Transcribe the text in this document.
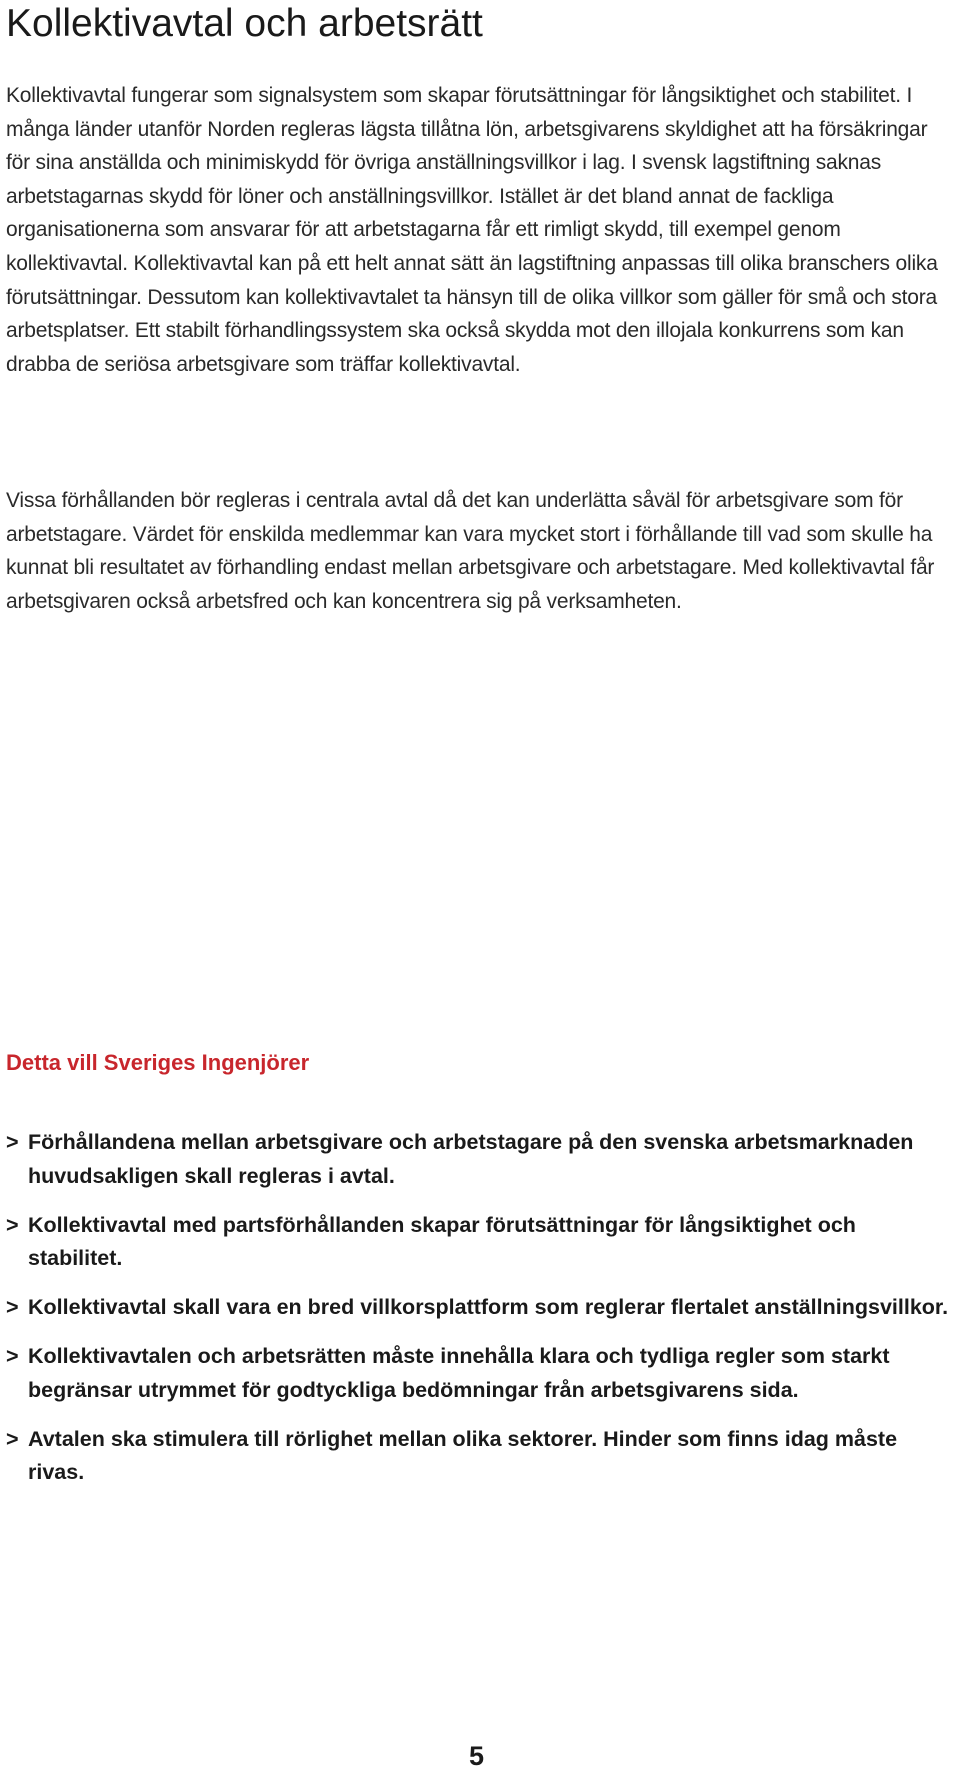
Kollektivavtal och arbetsrätt

Kollektivavtal fungerar som signalsystem som skapar förutsättningar för långsiktighet och stabilitet. I många länder utanför Norden regleras lägsta tillåtna lön, arbetsgivarens skyldighet att ha försäkringar för sina anställda och minimiskydd för övriga anställningsvillkor i lag. I svensk lagstiftning saknas arbetstagarnas skydd för löner och anställningsvillkor. Istället är det bland annat de fackliga organisationerna som ansvarar för att arbetstagarna får ett rimligt skydd, till exempel genom kollektivavtal. Kollektivavtal kan på ett helt annat sätt än lagstiftning anpassas till olika branschers olika förutsättningar. Dessutom kan kollektivavtalet ta hänsyn till de olika villkor som gäller för små och stora arbetsplatser. Ett stabilt förhandlingssystem ska också skydda mot den illojala konkurrens som kan drabba de seriösa arbetsgivare som träffar kollektivavtal.

Vissa förhållanden bör regleras i centrala avtal då det kan underlätta såväl för arbetsgivare som för arbetstagare. Värdet för enskilda medlemmar kan vara mycket stort i förhållande till vad som skulle ha kunnat bli resultatet av förhandling endast mellan arbetsgivare och arbetstagare. Med kollektivavtal får arbetsgivaren också arbetsfred och kan koncentrera sig på verksamheten.

Detta vill Sveriges Ingenjörer
> Förhållandena mellan arbetsgivare och arbetstagare på den svenska arbetsmarknaden huvudsakligen skall regleras i avtal.
> Kollektivavtal med partsförhållanden skapar förutsättningar för långsiktighet och stabilitet.
> Kollektivavtal skall vara en bred villkorsplattform som reglerar flertalet anställningsvillkor.
> Kollektivavtalen och arbetsrätten måste innehålla klara och tydliga regler som starkt begränsar utrymmet för godtyckliga bedömningar från arbetsgivarens sida.
> Avtalen ska stimulera till rörlighet mellan olika sektorer. Hinder som finns idag måste rivas.

5
